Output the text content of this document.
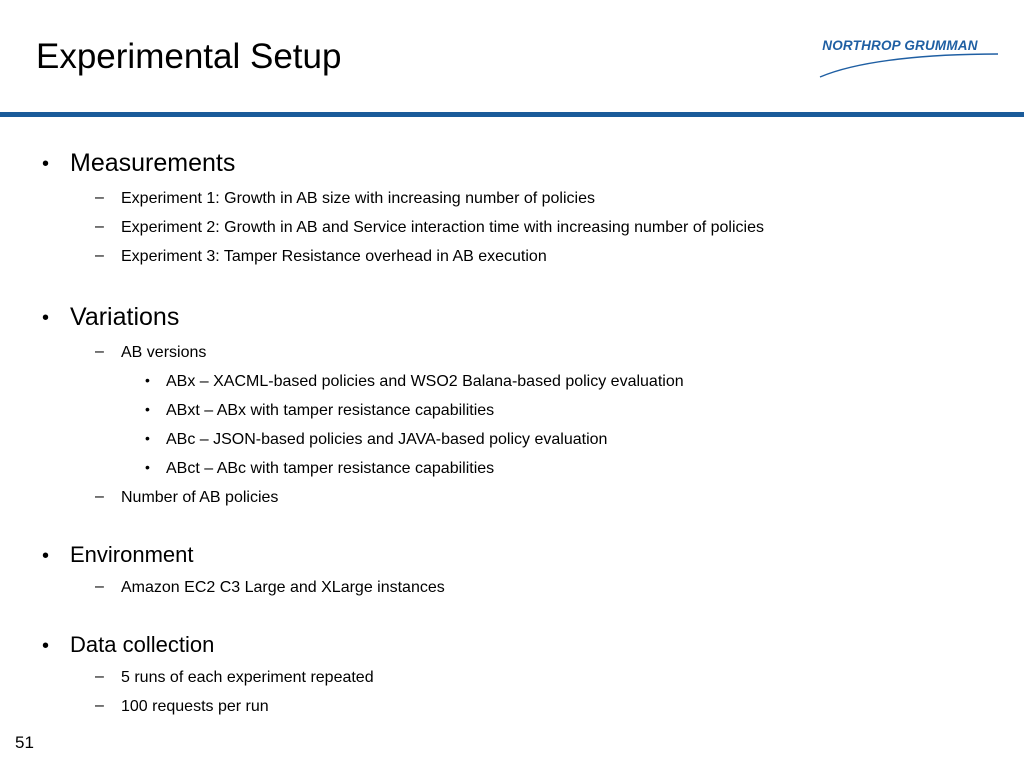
Experimental Setup	NORTHROP GRUMMAN
• Measurements
– Experiment 1: Growth in AB size with increasing number of policies
– Experiment 2: Growth in AB and Service interaction time with increasing number of policies
– Experiment 3: Tamper Resistance overhead in AB execution
• Variations
– AB versions
• ABx – XACML-based policies and WSO2 Balana-based policy evaluation
• ABxt – ABx with tamper resistance capabilities
• ABc – JSON-based policies and JAVA-based policy evaluation
• ABct – ABc with tamper resistance capabilities
– Number of AB policies
• Environment
– Amazon EC2 C3 Large and XLarge instances
• Data collection
– 5 runs of each experiment repeated
– 100 requests per run
51
